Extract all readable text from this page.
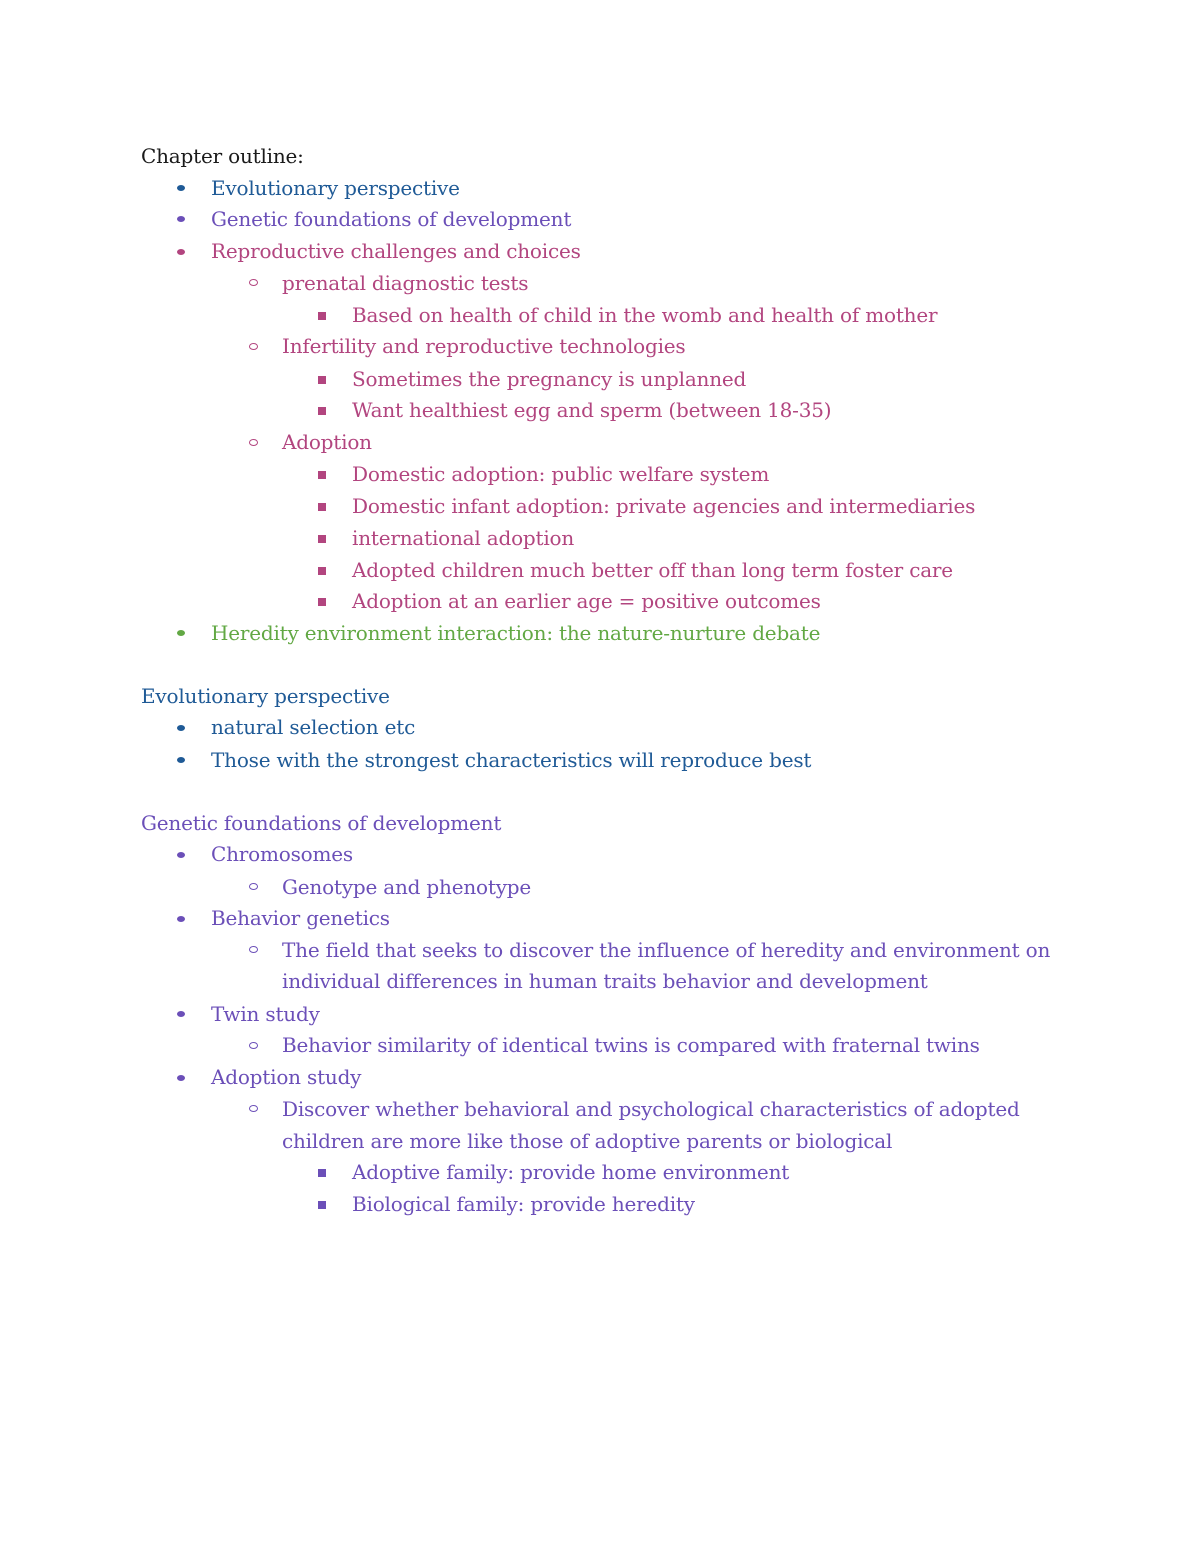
Chapter outline:
Evolutionary perspective
Genetic foundations of development
Reproductive challenges and choices
prenatal diagnostic tests
Based on health of child in the womb and health of mother
Infertility and reproductive technologies
Sometimes the pregnancy is unplanned
Want healthiest egg and sperm (between 18-35)
Adoption
Domestic adoption: public welfare system
Domestic infant adoption: private agencies and intermediaries
international adoption
Adopted children much better off than long term foster care
Adoption at an earlier age = positive outcomes
Heredity environment interaction: the nature-nurture debate
Evolutionary perspective
natural selection etc
Those with the strongest characteristics will reproduce best
Genetic foundations of development
Chromosomes
Genotype and phenotype
Behavior genetics
The field that seeks to discover the influence of heredity and environment on
individual differences in human traits behavior and development
Twin study
Behavior similarity of identical twins is compared with fraternal twins
Adoption study
Discover whether behavioral and psychological characteristics of adopted
children are more like those of adoptive parents or biological
Adoptive family: provide home environment
Biological family: provide heredity
